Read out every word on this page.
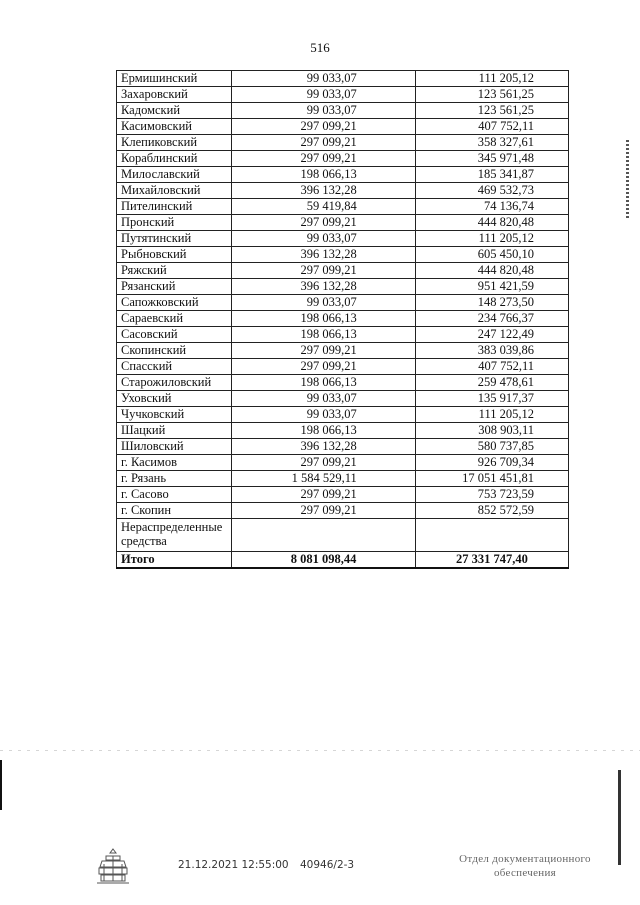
516
Ермишинский	99 033,07	111 205,12
Захаровский	99 033,07	123 561,25
Кадомский	99 033,07	123 561,25
Касимовский	297 099,21	407 752,11
Клепиковский	297 099,21	358 327,61
Кораблинский	297 099,21	345 971,48
Милославский	198 066,13	185 341,87
Михайловский	396 132,28	469 532,73
Пителинский	59 419,84	74 136,74
Пронский	297 099,21	444 820,48
Путятинский	99 033,07	111 205,12
Рыбновский	396 132,28	605 450,10
Ряжский	297 099,21	444 820,48
Рязанский	396 132,28	951 421,59
Сапожковский	99 033,07	148 273,50
Сараевский	198 066,13	234 766,37
Сасовский	198 066,13	247 122,49
Скопинский	297 099,21	383 039,86
Спасский	297 099,21	407 752,11
Старожиловский	198 066,13	259 478,61
Уховский	99 033,07	135 917,37
Чучковский	99 033,07	111 205,12
Шацкий	198 066,13	308 903,11
Шиловский	396 132,28	580 737,85
г. Касимов	297 099,21	926 709,34
г. Рязань	1 584 529,11	17 051 451,81
г. Сасово	297 099,21	753 723,59
г. Скопин	297 099,21	852 572,59
Нераспределенные средства		
Итого	8 081 098,44	27 331 747,40
21.12.2021 12:55:00 40946/2-3	Отдел документационного
обеспечения
